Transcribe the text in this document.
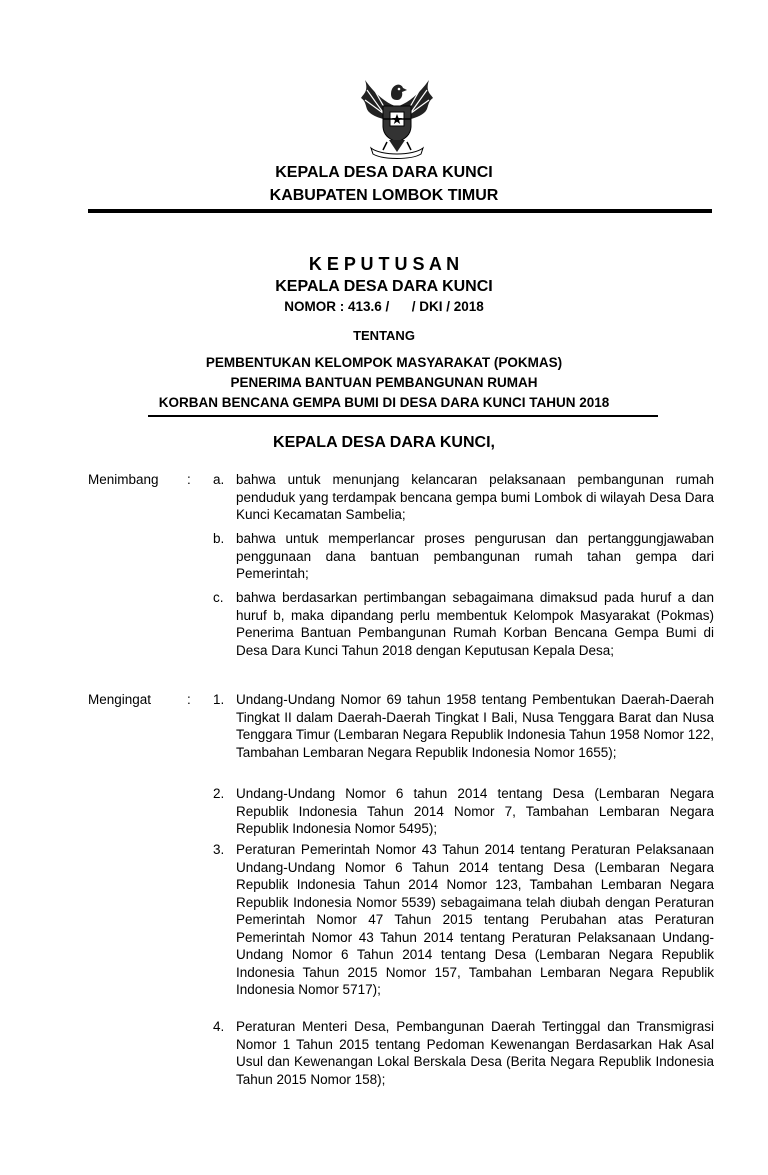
KEPALA DESA DARA KUNCI
KABUPATEN LOMBOK TIMUR
K E P U T U S A N
KEPALA DESA DARA KUNCI
NOMOR : 413.6 /      / DKI / 2018
TENTANG
PEMBENTUKAN KELOMPOK MASYARAKAT (POKMAS)
PENERIMA BANTUAN PEMBANGUNAN RUMAH
KORBAN BENCANA GEMPA BUMI DI DESA DARA KUNCI TAHUN 2018
KEPALA DESA DARA KUNCI,
Menimbang : a. bahwa untuk menunjang kelancaran pelaksanaan pembangunan rumah penduduk yang terdampak bencana gempa bumi Lombok di wilayah Desa Dara Kunci Kecamatan Sambelia;
b. bahwa untuk memperlancar proses pengurusan dan pertanggungjawaban penggunaan dana bantuan pembangunan rumah tahan gempa dari Pemerintah;
c. bahwa berdasarkan pertimbangan sebagaimana dimaksud pada huruf a dan huruf b, maka dipandang perlu membentuk Kelompok Masyarakat (Pokmas) Penerima Bantuan Pembangunan Rumah Korban Bencana Gempa Bumi di Desa Dara Kunci Tahun 2018 dengan Keputusan Kepala Desa;
Mengingat	: 1. Undang-Undang Nomor 69 tahun 1958 tentang Pembentukan Daerah-Daerah Tingkat II dalam Daerah-Daerah Tingkat I Bali, Nusa Tenggara Barat dan Nusa Tenggara Timur (Lembaran Negara Republik Indonesia Tahun 1958 Nomor 122, Tambahan Lembaran Negara Republik Indonesia Nomor 1655);
2. Undang-Undang Nomor 6 tahun 2014 tentang Desa (Lembaran Negara Republik Indonesia Tahun 2014 Nomor 7, Tambahan Lembaran Negara Republik Indonesia Nomor 5495);
3. Peraturan Pemerintah Nomor 43 Tahun 2014 tentang Peraturan Pelaksanaan Undang-Undang Nomor 6 Tahun 2014 tentang Desa (Lembaran Negara Republik Indonesia Tahun 2014 Nomor 123, Tambahan Lembaran Negara Republik Indonesia Nomor 5539) sebagaimana telah diubah dengan Peraturan Pemerintah Nomor 47 Tahun 2015 tentang Perubahan atas Peraturan Pemerintah Nomor 43 Tahun 2014 tentang Peraturan Pelaksanaan Undang-Undang Nomor 6 Tahun 2014 tentang Desa (Lembaran Negara Republik Indonesia Tahun 2015 Nomor 157, Tambahan Lembaran Negara Republik Indonesia Nomor 5717);
4. Peraturan Menteri Desa, Pembangunan Daerah Tertinggal dan Transmigrasi Nomor 1 Tahun 2015 tentang Pedoman Kewenangan Berdasarkan Hak Asal Usul dan Kewenangan Lokal Berskala Desa (Berita Negara Republik Indonesia Tahun 2015 Nomor 158);
